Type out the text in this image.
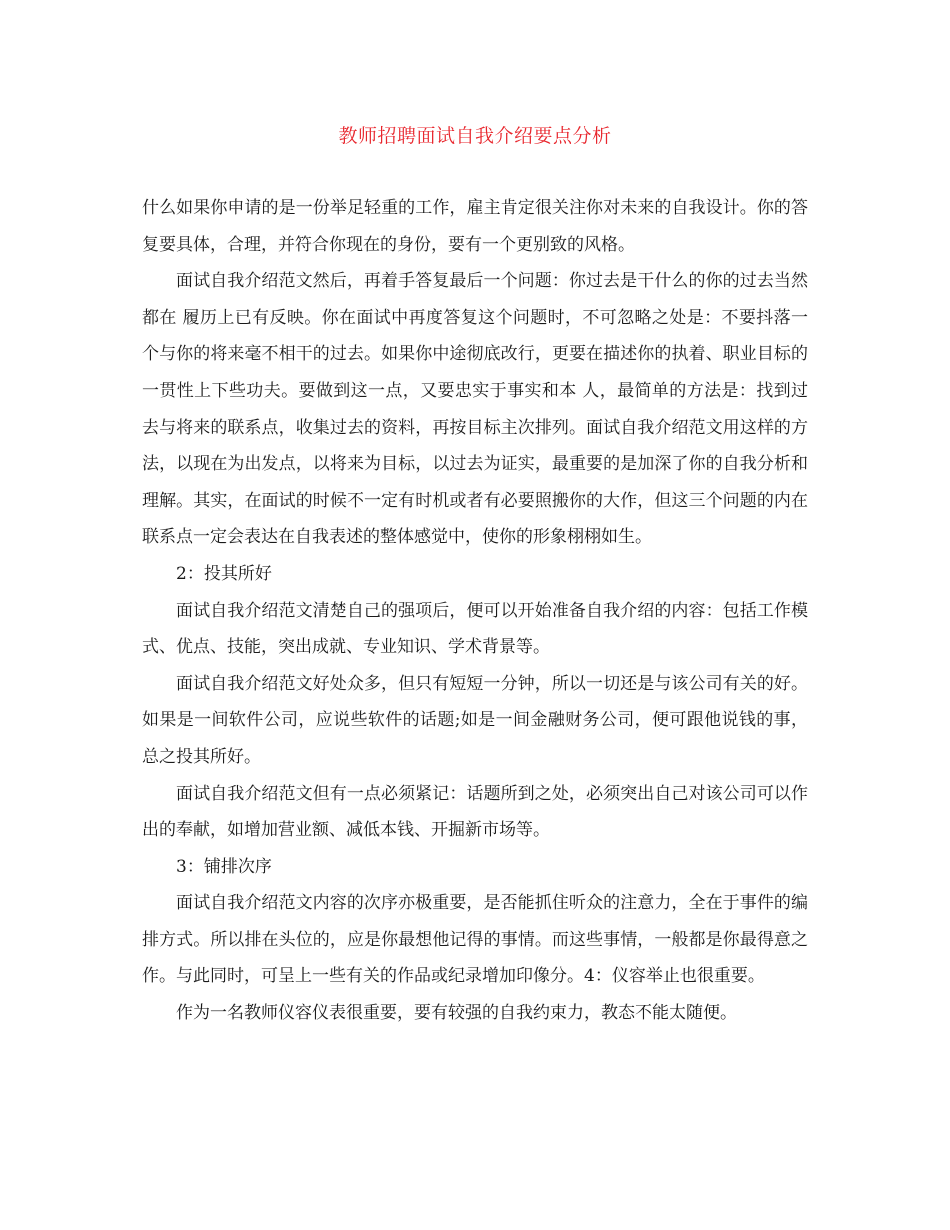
教师招聘面试自我介绍要点分析

什么如果你申请的是一份举足轻重的工作，雇主肯定很关注你对未来的自我设计。你的答复要具体，合理，并符合你现在的身份，要有一个更别致的风格。

面试自我介绍范文然后，再着手答复最后一个问题：你过去是干什么的你的过去当然都在 履历上已有反映。你在面试中再度答复这个问题时，不可忽略之处是：不要抖落一个与你的将来毫不相干的过去。如果你中途彻底改行，更要在描述你的执着、职业目标的一贯性上下些功夫。要做到这一点，又要忠实于事实和本 人，最简单的方法是：找到过去与将来的联系点，收集过去的资料，再按目标主次排列。面试自我介绍范文用这样的方法，以现在为出发点，以将来为目标，以过去为证实，最重要的是加深了你的自我分析和理解。其实，在面试的时候不一定有时机或者有必要照搬你的大作，但这三个问题的内在联系点一定会表达在自我表述的整体感觉中，使你的形象栩栩如生。

2：投其所好

面试自我介绍范文清楚自己的强项后，便可以开始准备自我介绍的内容：包括工作模式、优点、技能，突出成就、专业知识、学术背景等。

面试自我介绍范文好处众多，但只有短短一分钟，所以一切还是与该公司有关的好。如果是一间软件公司，应说些软件的话题;如是一间金融财务公司，便可跟他说钱的事，总之投其所好。

面试自我介绍范文但有一点必须紧记：话题所到之处，必须突出自己对该公司可以作出的奉献，如增加营业额、减低本钱、开掘新市场等。

3：铺排次序

面试自我介绍范文内容的次序亦极重要，是否能抓住听众的注意力，全在于事件的编排方式。所以排在头位的，应是你最想他记得的事情。而这些事情，一般都是你最得意之作。与此同时，可呈上一些有关的作品或纪录增加印像分。4：仪容举止也很重要。

作为一名教师仪容仪表很重要，要有较强的自我约束力，教态不能太随便。
